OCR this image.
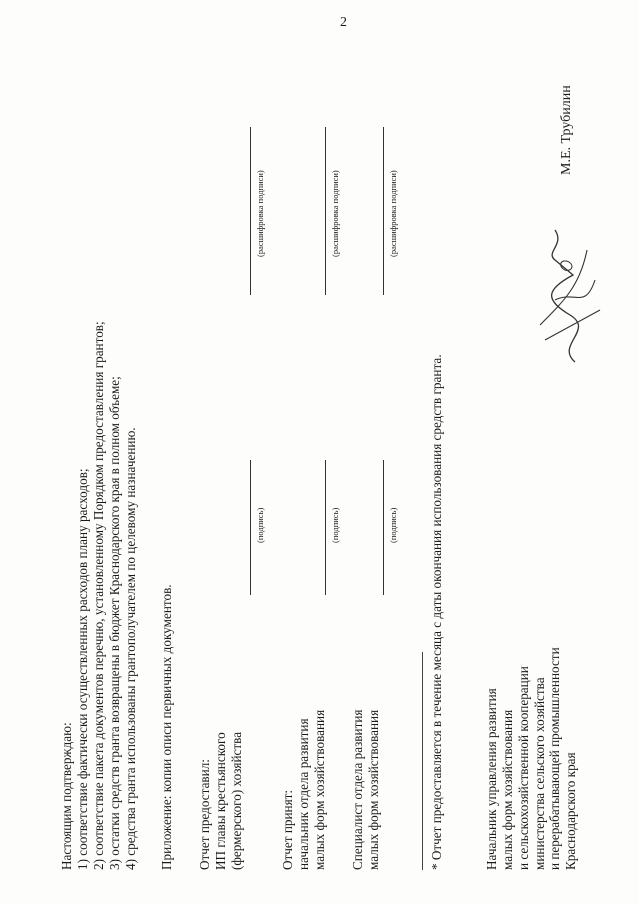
2
Настоящим подтверждаю: 1) соответствие фактически осуществленных расходов плану расходов; 2) соответствие пакета документов перечню, установленному Порядком предоставления грантов; 3) остатки средств гранта возвращены в бюджет Краснодарского края в полном объеме; 4) средства гранта использованы грантополучателем по целевому назначению. Приложение: копии описи первичных документов. Отчет предоставил: ИП главы крестьянского (фермерского) хозяйства
(подпись)
(расшифровка подписи)
Отчет принят: начальник отдела развития малых форм хозяйствования
(подпись)
(расшифровка подписи)
Специалист отдела развития малых форм хозяйствования
(подпись)
(расшифровка подписи)
* Отчет предоставляется в течение месяца с даты окончания использования средств гранта.	Начальник управления развития малых форм хозяйствования и сельскохозяйственной кооперации министерства сельского хозяйства и перерабатывающей промышленности Краснодарского края
М.Е. Трубилин
